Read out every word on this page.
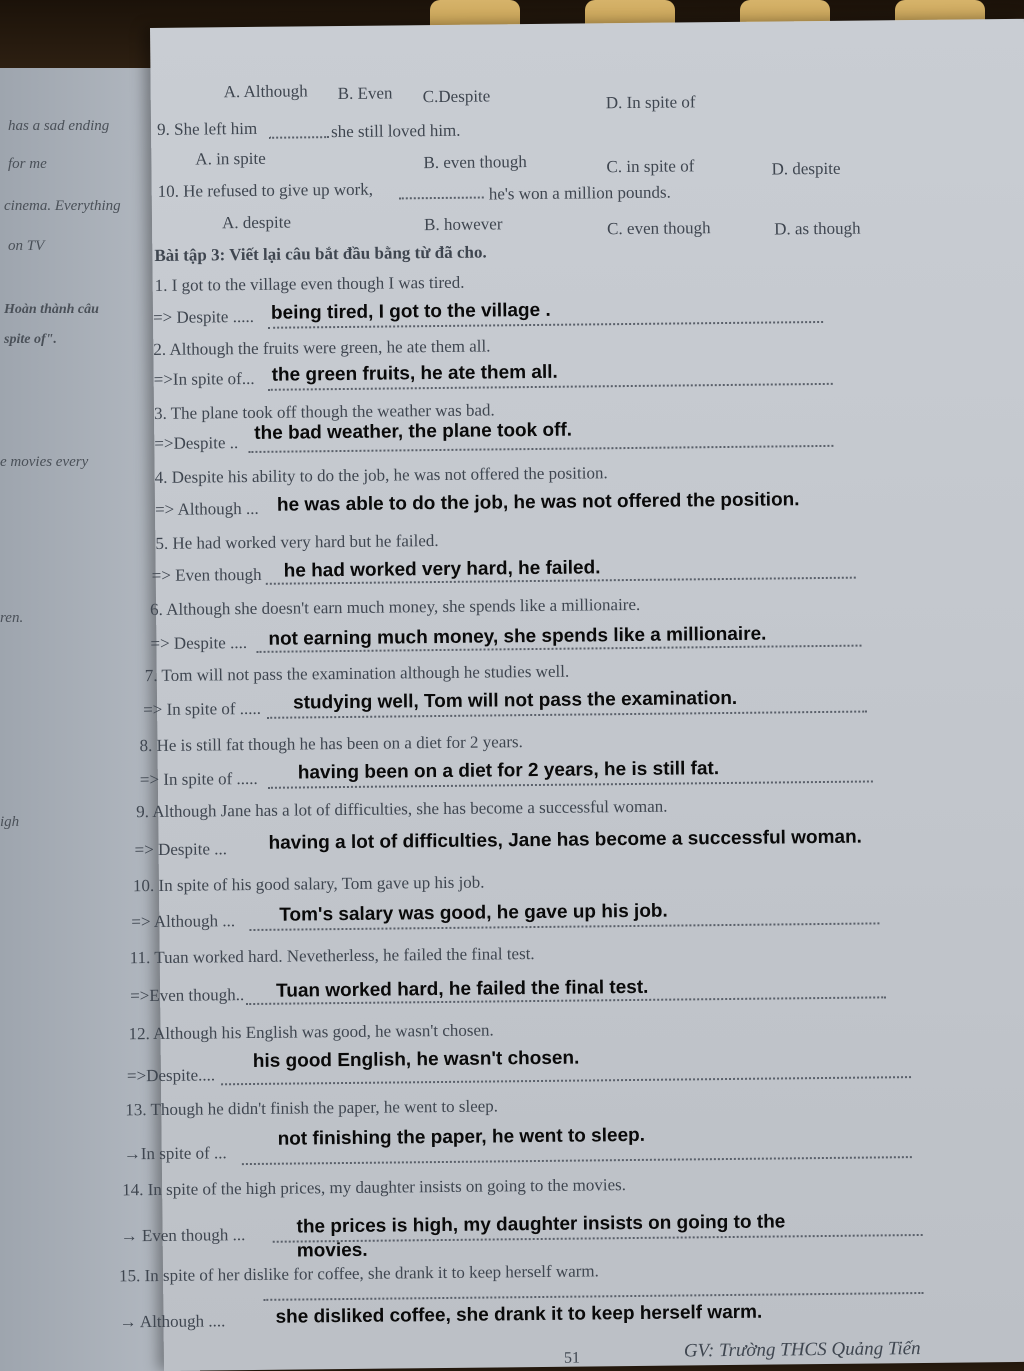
has a sad ending
for me
cinema. Everything
on TV
Hoàn thành câu
spite of".
e movies every
ren.
igh
A. Although B. Even C.Despite	D. In spite of
9. She left him	she still loved him.
A. in spite	B. even though	C. in spite of	D. despite
10. He refused to give up work,	he's won a million pounds.
A. despite	B. however	C. even though	D. as though
Bài tập 3: Viết lại câu bắt đầu bằng từ đã cho.
1. I got to the village even though I was tired.
=> Despite ..... being tired, I got to the village .
2. Although the fruits were green, he ate them all.
=>In spite of... the green fruits, he ate them all.
3. The plane took off though the weather was bad.
=>Despite .. the bad weather, the plane took off.
4. Despite his ability to do the job, he was not offered the position.
=> Although ... he was able to do the job, he was not offered the position.
5. He had worked very hard but he failed.
=> Even though he had worked very hard, he failed.
6. Although she doesn't earn much money, she spends like a millionaire.
=> Despite .... not earning much money, she spends like a millionaire.
7. Tom will not pass the examination although he studies well.
=> In spite of ..... studying well, Tom will not pass the examination.
8. He is still fat though he has been on a diet for 2 years.
=> In spite of ..... having been on a diet for 2 years, he is still fat.
9. Although Jane has a lot of difficulties, she has become a successful woman.
=> Despite ... having a lot of difficulties, Jane has become a successful woman.
10. In spite of his good salary, Tom gave up his job.
=> Although ... Tom's salary was good, he gave up his job.
11. Tuan worked hard. Nevetherless, he failed the final test.
=>Even though.. Tuan worked hard, he failed the final test.
12. Although his English was good, he wasn't chosen.
=>Despite....
his good English, he wasn't chosen.
13. Though he didn't finish the paper, he went to sleep.
→In spite of ...
not finishing the paper, he went to sleep.
14. In spite of the high prices, my daughter insists on going to the movies.
→ Even though ...	the prices is high, my daughter insists on going to the
movies.
15. In spite of her dislike for coffee, she drank it to keep herself warm.
→ Although ....	she disliked coffee, she drank it to keep herself warm.
51	GV: Trường THCS Quảng Tiến
